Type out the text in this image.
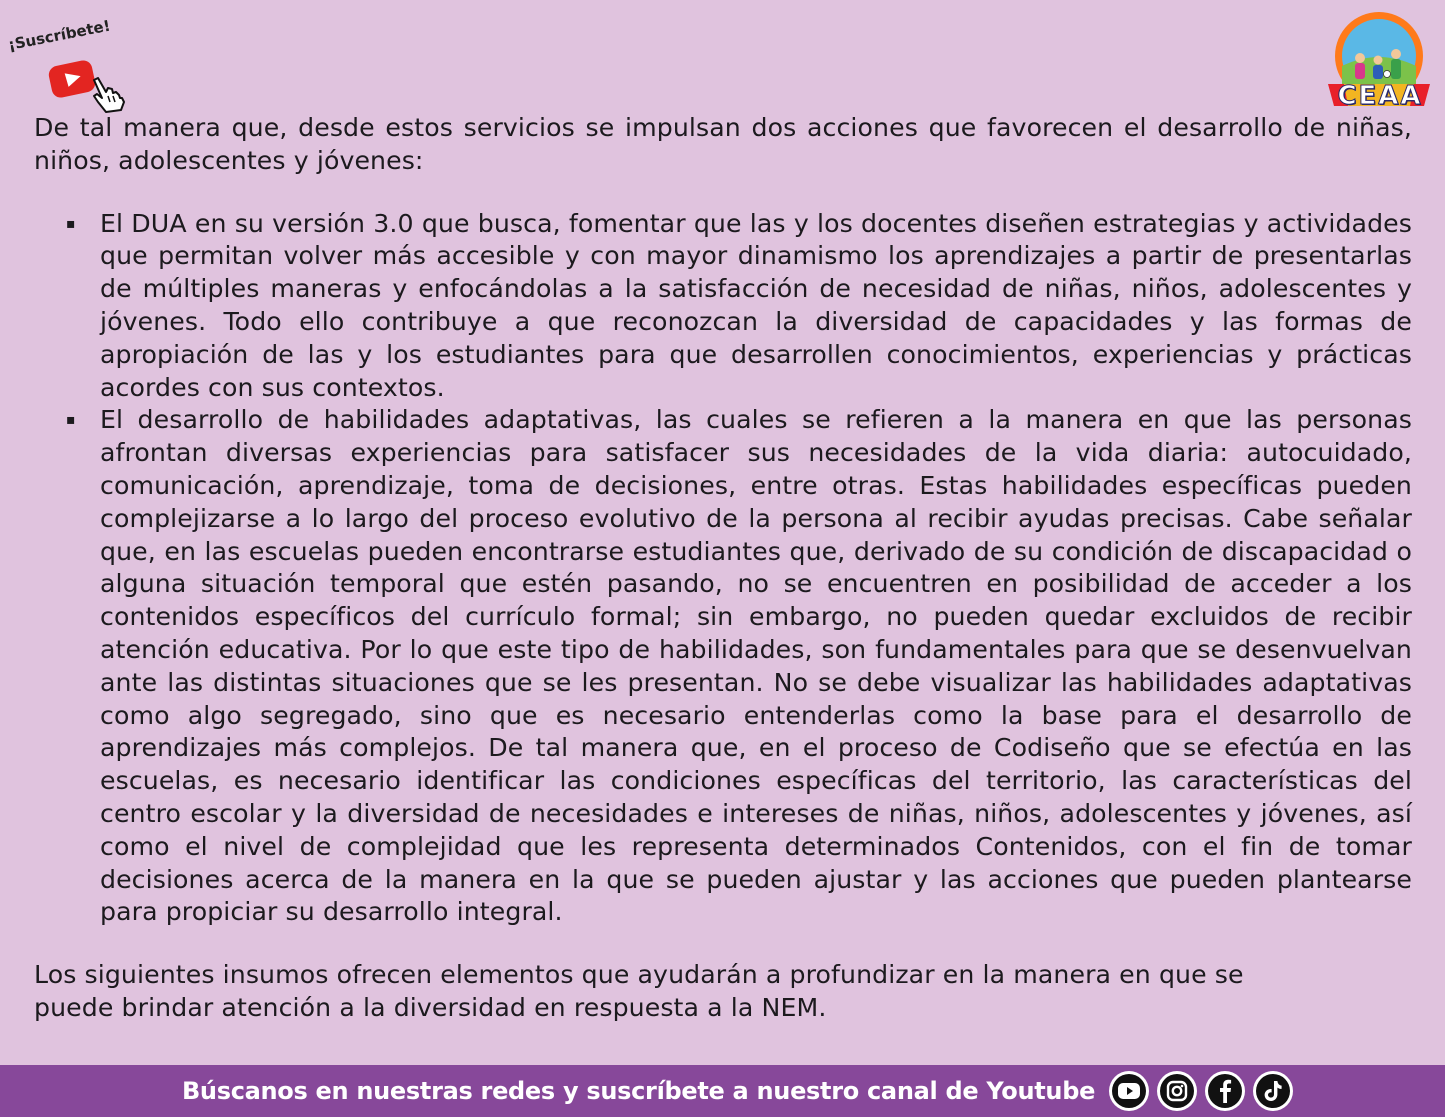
¡Suscríbete!
C E A A

De tal manera que, desde estos servicios se impulsan dos acciones que favorecen el desarrollo de niñas, niños, adolescentes y jóvenes:

▪ El DUA en su versión 3.0 que busca, fomentar que las y los docentes diseñen estrategias y actividades que permitan volver más accesible y con mayor dinamismo los aprendizajes a partir de presentarlas de múltiples maneras y enfocándolas a la satisfacción de necesidad de niñas, niños, adolescentes y jóvenes. Todo ello contribuye a que reconozcan la diversidad de capacidades y las formas de apropiación de las y los estudiantes para que desarrollen conocimientos, experiencias y prácticas acordes con sus contextos.
▪ El desarrollo de habilidades adaptativas, las cuales se refieren a la manera en que las personas afrontan diversas experiencias para satisfacer sus necesidades de la vida diaria: autocuidado, comunicación, aprendizaje, toma de decisiones, entre otras. Estas habilidades específicas pueden complejizarse a lo largo del proceso evolutivo de la persona al recibir ayudas precisas. Cabe señalar que, en las escuelas pueden encontrarse estudiantes que, derivado de su condición de discapacidad o alguna situación temporal que estén pasando, no se encuentren en posibilidad de acceder a los contenidos específicos del currículo formal; sin embargo, no pueden quedar excluidos de recibir atención educativa. Por lo que este tipo de habilidades, son fundamentales para que se desenvuelvan ante las distintas situaciones que se les presentan. No se debe visualizar las habilidades adaptativas como algo segregado, sino que es necesario entenderlas como la base para el desarrollo de aprendizajes más complejos. De tal manera que, en el proceso de Codiseño que se efectúa en las escuelas, es necesario identificar las condiciones específicas del territorio, las características del centro escolar y la diversidad de necesidades e intereses de niñas, niños, adolescentes y jóvenes, así como el nivel de complejidad que les representa determinados Contenidos, con el fin de tomar decisiones acerca de la manera en la que se pueden ajustar y las acciones que pueden plantearse para propiciar su desarrollo integral.

Los siguientes insumos ofrecen elementos que ayudarán a profundizar en la manera en que se puede brindar atención a la diversidad en respuesta a la NEM.

Búscanos en nuestras redes y suscríbete a nuestro canal de Youtube
